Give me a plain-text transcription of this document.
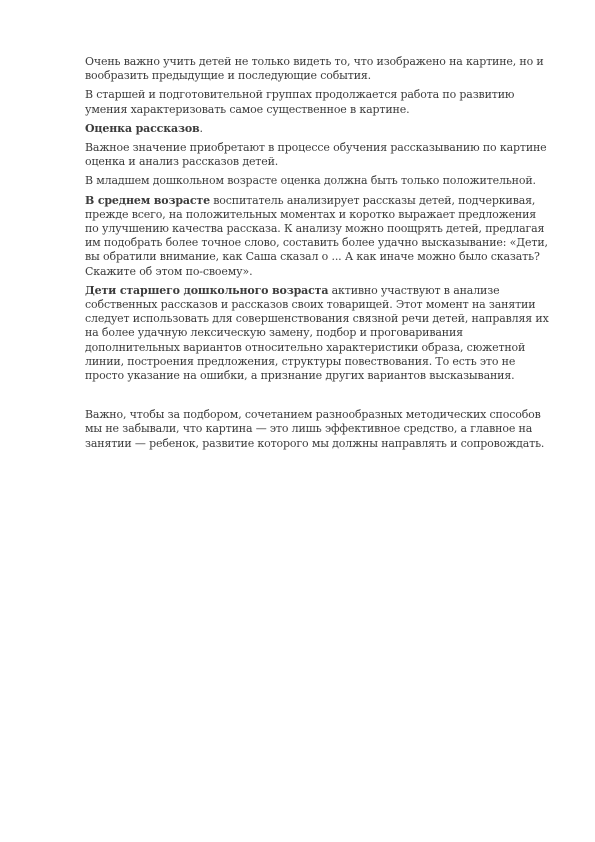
Очень важно учить детей не только видеть то, что изображено на картине, но и вообразить предыдущие и последующие события.

В старшей и подготовительной группах продолжается работа по развитию умения характеризовать самое существенное в картине.

Оценка рассказов.

Важное значение приобретают в процессе обучения рассказыванию по картине оценка и анализ рассказов детей.

В младшем дошкольном возрасте оценка должна быть только положительной.

В среднем возрасте воспитатель анализирует рассказы детей, подчеркивая, прежде всего, на положительных моментах и коротко выражает предложения по улучшению качества рассказа. К анализу можно поощрять детей, предлагая им подобрать более точное слово, составить более удачно высказывание: «Дети, вы обратили внимание, как Саша сказал о ... А как иначе можно было сказать? Скажите об этом по-своему».

Дети старшего дошкольного возраста активно участвуют в анализе собственных рассказов и рассказов своих товарищей. Этот момент на занятии следует использовать для совершенствования связной речи детей, направляя их на более удачную лексическую замену, подбор и проговаривания дополнительных вариантов относительно характеристики образа, сюжетной линии, построения предложения, структуры повествования. То есть это не просто указание на ошибки, а признание других вариантов высказывания.

Важно, чтобы за подбором, сочетанием разнообразных методических способов мы не забывали, что картина — это лишь эффективное средство, а главное на занятии — ребенок, развитие которого мы должны направлять и сопровождать.
